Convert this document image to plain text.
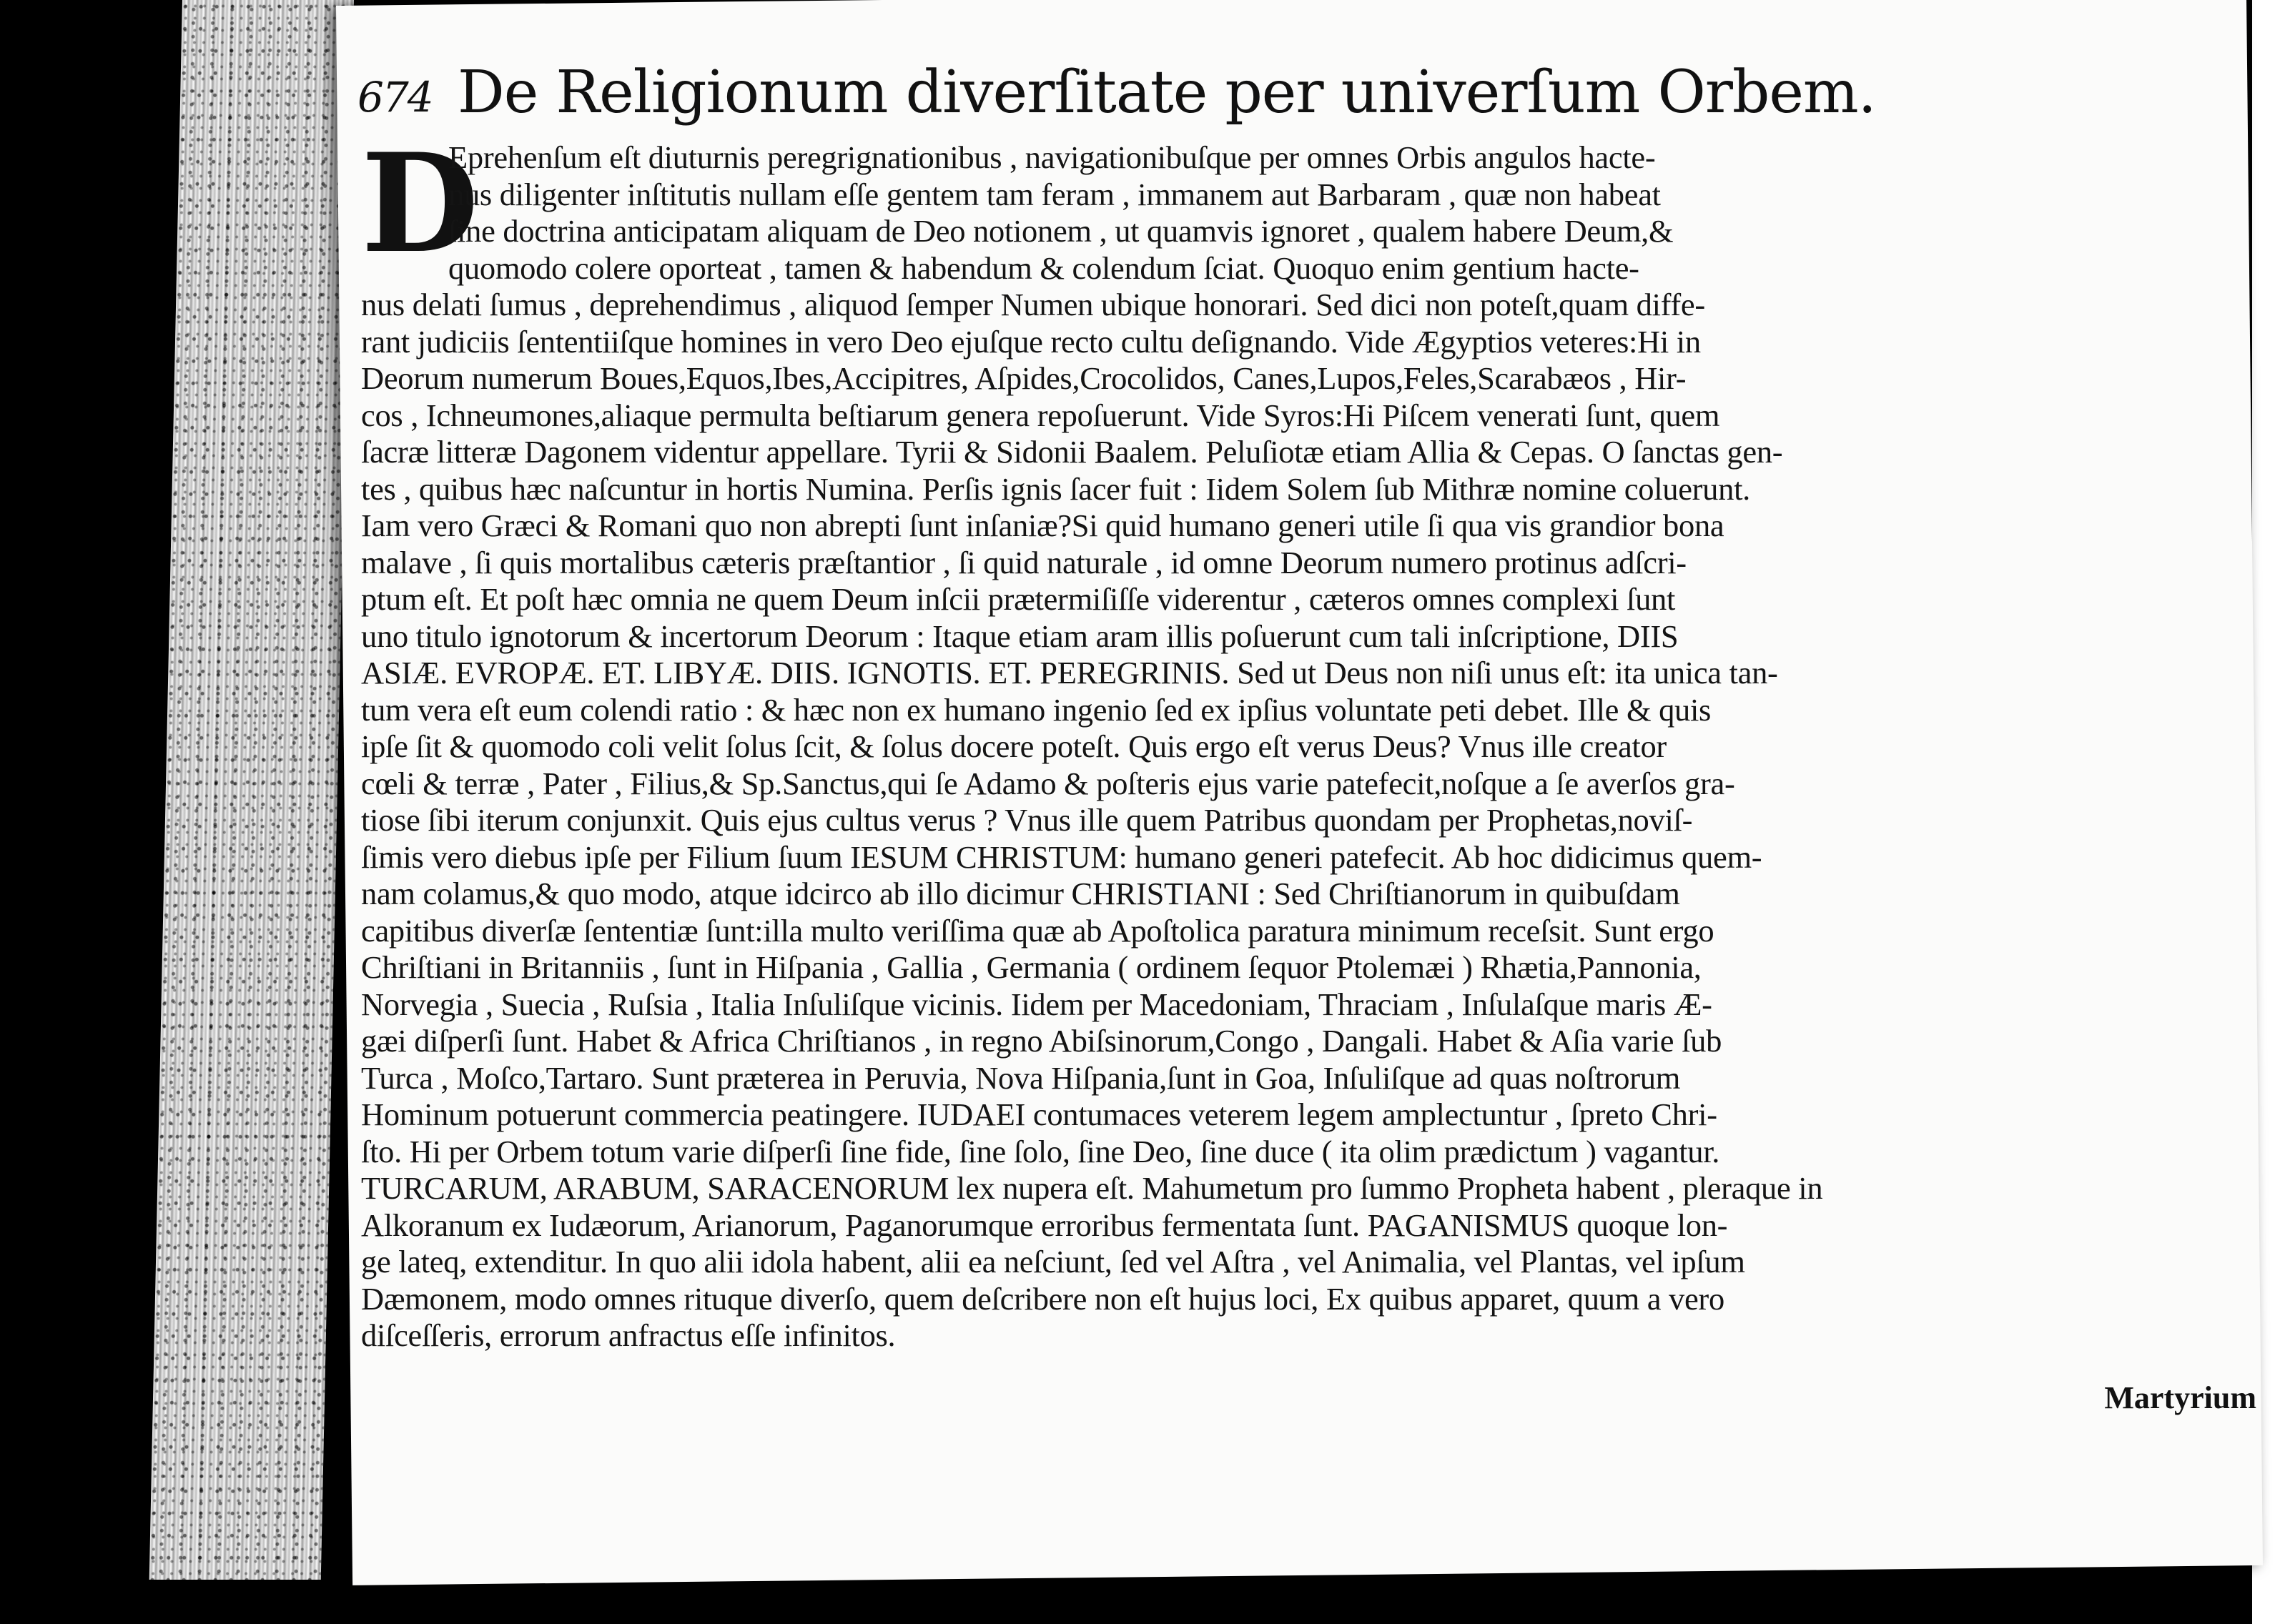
674 De Religionum diverſitate per univerſum Orbem.
D
Eprehenſum eſt diuturnis peregrignationibus , navigationibuſque per omnes Orbis angulos hacte-
nus diligenter inſtitutis nullam eſſe gentem tam feram , immanem aut Barbaram , quæ non habeat
ſine doctrina anticipatam aliquam de Deo notionem , ut quamvis ignoret , qualem habere Deum,&
quomodo colere oporteat , tamen & habendum & colendum ſciat. Quoquo enim gentium hacte-
nus delati ſumus , deprehendimus , aliquod ſemper Numen ubique honorari. Sed dici non poteſt,quam diffe-
rant judiciis ſententiiſque homines in vero Deo ejuſque recto cultu deſignando. Vide Ægyptios veteres:Hi in
Deorum numerum Boues,Equos,Ibes,Accipitres, Aſpides,Crocolidos, Canes,Lupos,Feles,Scarabæos , Hir-
cos , Ichneumones,aliaque permulta beſtiarum genera repoſuerunt. Vide Syros:Hi Piſcem venerati ſunt, quem
ſacræ litteræ Dagonem videntur appellare. Tyrii & Sidonii Baalem. Peluſiotæ etiam Allia & Cepas. O ſanctas gen-
tes , quibus hæc naſcuntur in hortis Numina. Perſis ignis ſacer fuit : Iidem Solem ſub Mithræ nomine coluerunt.
Iam vero Græci & Romani quo non abrepti ſunt inſaniæ?Si quid humano generi utile ſi qua vis grandior bona
malave , ſi quis mortalibus cæteris præſtantior , ſi quid naturale , id omne Deorum numero protinus adſcri-
ptum eſt. Et poſt hæc omnia ne quem Deum inſcii prætermiſiſſe viderentur , cæteros omnes complexi ſunt
uno titulo ignotorum & incertorum Deorum : Itaque etiam aram illis poſuerunt cum tali inſcriptione, DIIS
ASIÆ. EVROPÆ. ET. LIBYÆ. DIIS. IGNOTIS. ET. PEREGRINIS. Sed ut Deus non niſi unus eſt: ita unica tan-
tum vera eſt eum colendi ratio : & hæc non ex humano ingenio ſed ex ipſius voluntate peti debet. Ille & quis
ipſe ſit & quomodo coli velit ſolus ſcit, & ſolus docere poteſt. Quis ergo eſt verus Deus? Vnus ille creator
cœli & terræ , Pater , Filius,& Sp.Sanctus,qui ſe Adamo & poſteris ejus varie patefecit,noſque a ſe averſos gra-
tiose ſibi iterum conjunxit. Quis ejus cultus verus ? Vnus ille quem Patribus quondam per Prophetas,noviſ-
ſimis vero diebus ipſe per Filium ſuum IESUM CHRISTUM: humano generi patefecit. Ab hoc didicimus quem-
nam colamus,& quo modo, atque idcirco ab illo dicimur CHRISTIANI : Sed Chriſtianorum in quibuſdam
capitibus diverſæ ſententiæ ſunt:illa multo veriſſima quæ ab Apoſtolica paratura minimum receſsit. Sunt ergo
Chriſtiani in Britanniis , ſunt in Hiſpania , Gallia , Germania ( ordinem ſequor Ptolemæi ) Rhætia,Pannonia,
Norvegia , Suecia , Ruſsia , Italia Inſuliſque vicinis. Iidem per Macedoniam, Thraciam , Inſulaſque maris Æ-
gæi diſperſi ſunt. Habet & Africa Chriſtianos , in regno Abiſsinorum,Congo , Dangali. Habet & Aſia varie ſub
Turca , Moſco,Tartaro. Sunt præterea in Peruvia, Nova Hiſpania,ſunt in Goa, Inſuliſque ad quas noſtrorum
Hominum potuerunt commercia peatingere. IUDAEI contumaces veterem legem amplectuntur , ſpreto Chri-
ſto. Hi per Orbem totum varie diſperſi ſine fide, ſine ſolo, ſine Deo, ſine duce ( ita olim prædictum ) vagantur.
TURCARUM, ARABUM, SARACENORUM lex nupera eſt. Mahumetum pro ſummo Propheta habent , pleraque in
Alkoranum ex Iudæorum, Arianorum, Paganorumque erroribus fermentata ſunt. PAGANISMUS quoque lon-
ge lateq, extenditur. In quo alii idola habent, alii ea neſciunt, ſed vel Aſtra , vel Animalia, vel Plantas, vel ipſum
Dæmonem, modo omnes rituque diverſo, quem deſcribere non eſt hujus loci, Ex quibus apparet, quum a vero
diſceſſeris, errorum anfractus eſſe infinitos.
Martyrium
